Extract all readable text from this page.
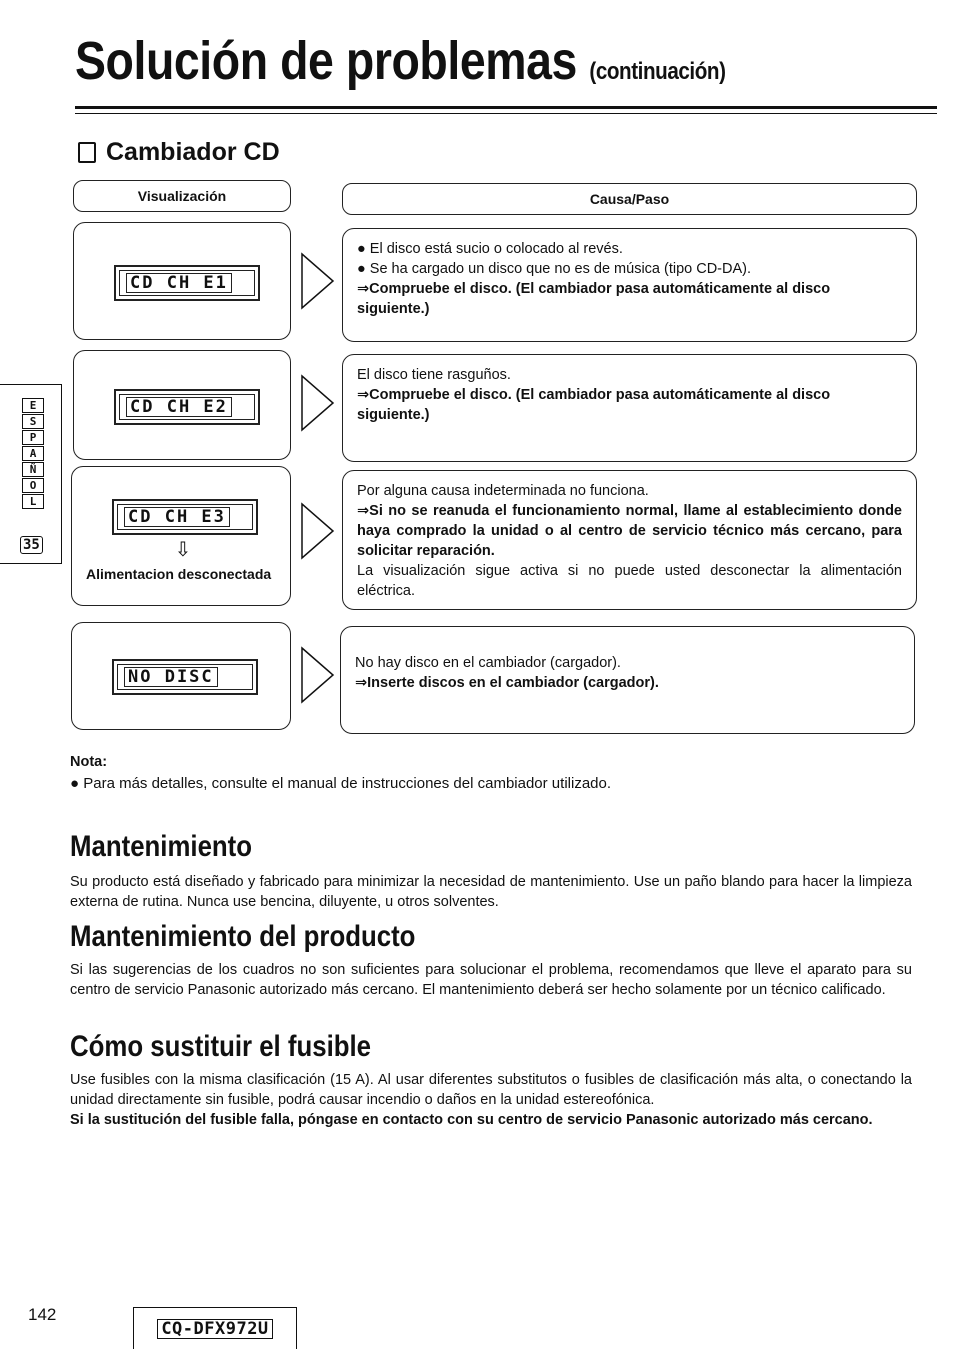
Solución de problemas (continuación)
Cambiador CD
Visualización	Causa/Paso
CD CH E1

● El disco está sucio o colocado al revés.

● Se ha cargado un disco que no es de música (tipo CD-DA).

⇒Compruebe el disco. (El cambiador pasa automáticamente al disco siguiente.)

CD CH E2

El disco tiene rasguños.

⇒Compruebe el disco. (El cambiador pasa automáticamente al disco siguiente.)

CD CH E3
⇩
Alimentacion desconectada

Por alguna causa indeterminada no funciona.

⇒Si no se reanuda el funcionamiento normal, llame al establecimiento donde haya comprado la unidad o al centro de servicio técnico más cercano, para solicitar reparación.

La visualización sigue activa si no puede usted desconectar la alimentación eléctrica.

NO DISC

No hay disco en el cambiador (cargador).

⇒Inserte discos en el cambiador (cargador).

E
S
P
A
Ñ
O
L
35
Nota:
● Para más detalles, consulte el manual de instrucciones del cambiador utilizado.
Mantenimiento
Su producto está diseñado y fabricado para minimizar la necesidad de mantenimiento. Use un paño blando para hacer la limpieza externa de rutina. Nunca use bencina, diluyente, u otros solventes.
Mantenimiento del producto
Si las sugerencias de los cuadros no son suficientes para solucionar el problema, recomendamos que lleve el aparato para su centro de servicio Panasonic autorizado más cercano. El mantenimiento deberá ser hecho solamente por un técnico calificado.
Cómo sustituir el fusible
Use fusibles con la misma clasificación (15 A). Al usar diferentes substitutos o fusibles de clasificación más alta, o conectando la unidad directamente sin fusible, podrá causar incendio o daños en la unidad estereofónica.
Si la sustitución del fusible falla, póngase en contacto con su centro de servicio Panasonic autorizado más cercano.
142
CQ-DFX972U
